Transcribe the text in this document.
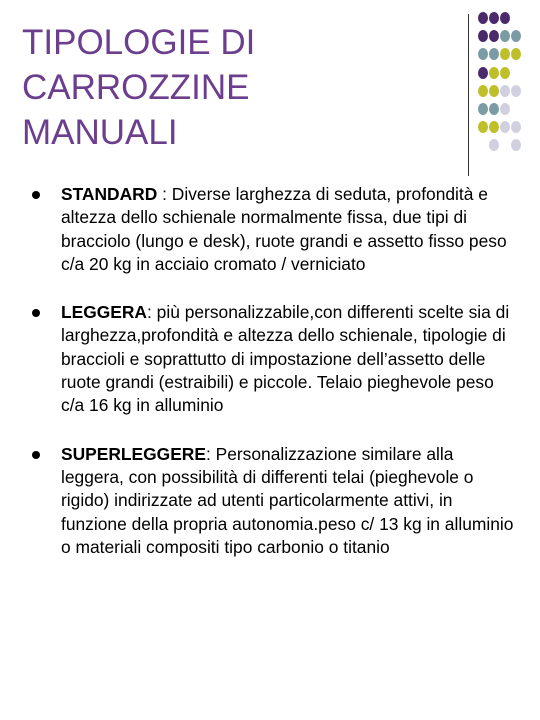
TIPOLOGIE DI
CARROZZINE
MANUALI
STANDARD : Diverse larghezza di seduta, profondità e altezza dello schienale normalmente fissa, due tipi di bracciolo (lungo e desk), ruote grandi e assetto fisso peso c/a 20 kg in acciaio cromato / verniciato
LEGGERA: più personalizzabile,con differenti scelte sia di larghezza,profondità e altezza dello schienale, tipologie di braccioli e soprattutto di impostazione dell’assetto delle ruote grandi (estraibili) e piccole. Telaio pieghevole peso c/a 16 kg in alluminio
SUPERLEGGERE: Personalizzazione similare alla leggera, con possibilità di differenti telai (pieghevole o rigido) indirizzate ad utenti particolarmente attivi, in funzione della propria autonomia.peso c/ 13 kg in alluminio o materiali compositi tipo carbonio o titanio
